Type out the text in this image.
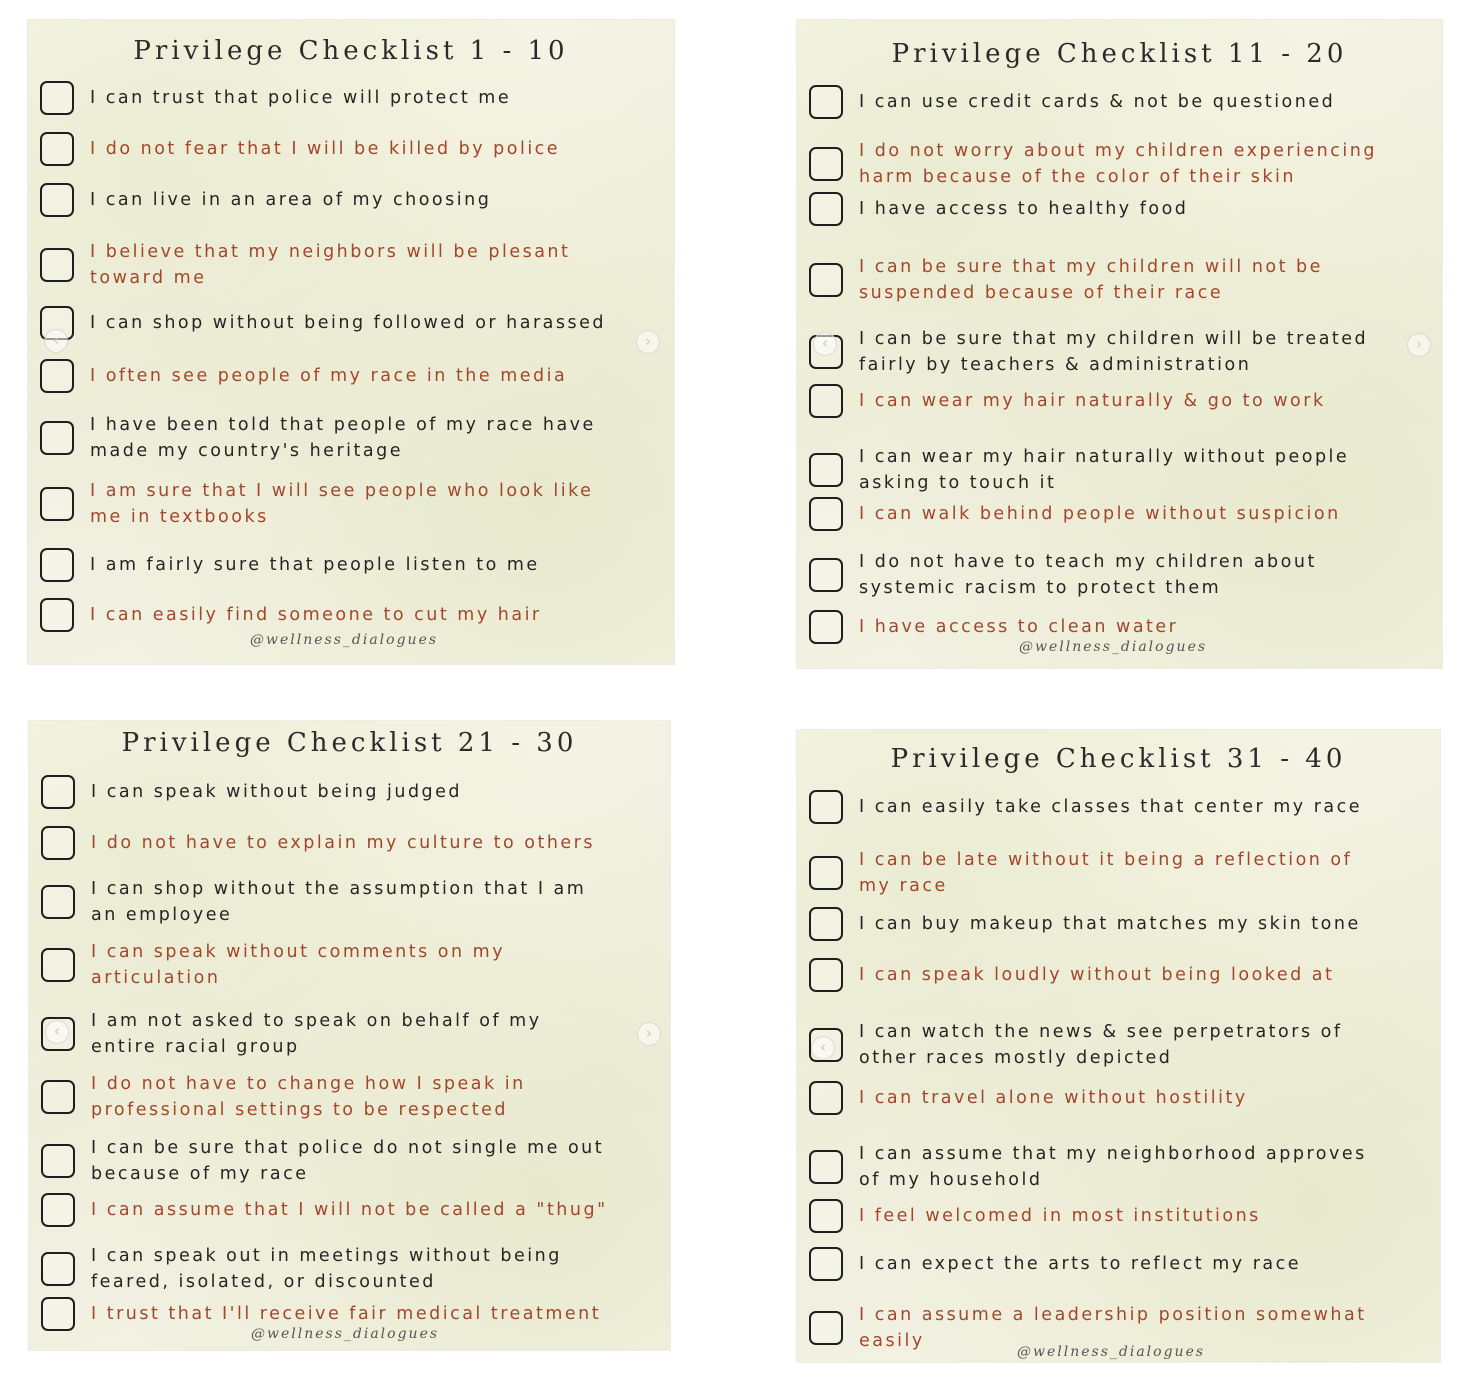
Privilege Checklist 1 - 10
I can trust that police will protect me
I do not fear that I will be killed by police
I can live in an area of my choosing
I believe that my neighbors will be plesant
toward me
I can shop without being followed or harassed
I often see people of my race in the media
I have been told that people of my race have
made my country's heritage
I am sure that I will see people who look like
me in textbooks
I am fairly sure that people listen to me
I can easily find someone to cut my hair
@wellness_dialogues
‹	›
Privilege Checklist 11 - 20
I can use credit cards & not be questioned
I do not worry about my children experiencing
harm because of the color of their skin
I have access to healthy food
I can be sure that my children will not be
suspended because of their race
I can be sure that my children will be treated
fairly by teachers & administration
I can wear my hair naturally & go to work
I can wear my hair naturally without people
asking to touch it
I can walk behind people without suspicion
I do not have to teach my children about
systemic racism to protect them
I have access to clean water
@wellness_dialogues
‹	›
Privilege Checklist 21 - 30
I can speak without being judged
I do not have to explain my culture to others
I can shop without the assumption that I am
an employee
I can speak without comments on my
articulation
I am not asked to speak on behalf of my
entire racial group
I do not have to change how I speak in
professional settings to be respected
I can be sure that police do not single me out
because of my race
I can assume that I will not be called a "thug"
I can speak out in meetings without being
feared, isolated, or discounted
I trust that I'll receive fair medical treatment
@wellness_dialogues
‹	›
Privilege Checklist 31 - 40
I can easily take classes that center my race
I can be late without it being a reflection of
my race
I can buy makeup that matches my skin tone
I can speak loudly without being looked at
I can watch the news & see perpetrators of
other races mostly depicted
I can travel alone without hostility
I can assume that my neighborhood approves
of my household
I feel welcomed in most institutions
I can expect the arts to reflect my race
I can assume a leadership position somewhat
easily
@wellness_dialogues
‹
